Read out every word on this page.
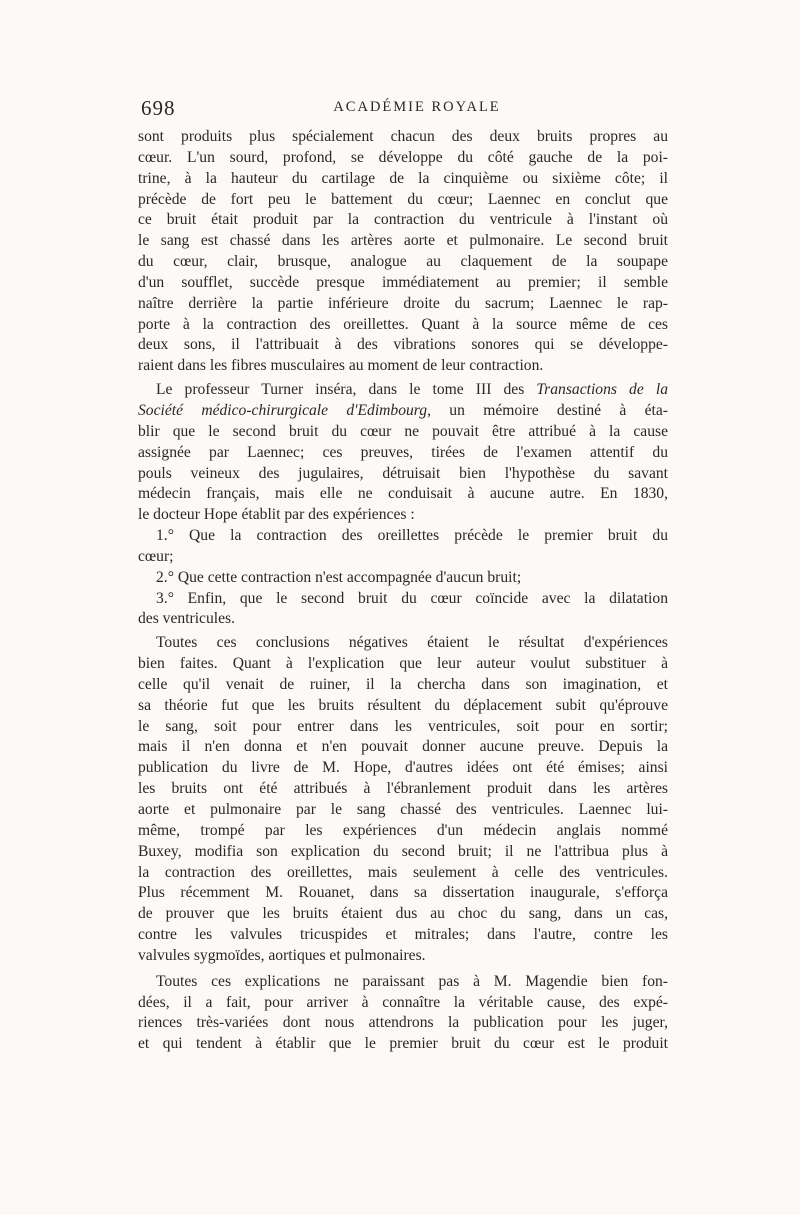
698	ACADÉMIE ROYALE
sont produits plus spécialement chacun des deux bruits propres au
cœur. L'un sourd, profond, se développe du côté gauche de la poi-
trine, à la hauteur du cartilage de la cinquième ou sixième côte; il
précède de fort peu le battement du cœur; Laennec en conclut que
ce bruit était produit par la contraction du ventricule à l'instant où
le sang est chassé dans les artères aorte et pulmonaire. Le second bruit
du cœur, clair, brusque, analogue au claquement de la soupape
d'un soufflet, succède presque immédiatement au premier; il semble
naître derrière la partie inférieure droite du sacrum; Laennec le rap-
porte à la contraction des oreillettes. Quant à la source même de ces
deux sons, il l'attribuait à des vibrations sonores qui se développe-
raient dans les fibres musculaires au moment de leur contraction.
Le professeur Turner inséra, dans le tome III des Transactions de la
Société médico-chirurgicale d'Edimbourg, un mémoire destiné à éta-
blir que le second bruit du cœur ne pouvait être attribué à la cause
assignée par Laennec; ces preuves, tirées de l'examen attentif du
pouls veineux des jugulaires, détruisait bien l'hypothèse du savant
médecin français, mais elle ne conduisait à aucune autre. En 1830,
le docteur Hope établit par des expériences :
1.° Que la contraction des oreillettes précède le premier bruit du
cœur;
2.° Que cette contraction n'est accompagnée d'aucun bruit;
3.° Enfin, que le second bruit du cœur coïncide avec la dilatation
des ventricules.
Toutes ces conclusions négatives étaient le résultat d'expériences
bien faites. Quant à l'explication que leur auteur voulut substituer à
celle qu'il venait de ruiner, il la chercha dans son imagination, et
sa théorie fut que les bruits résultent du déplacement subit qu'éprouve
le sang, soit pour entrer dans les ventricules, soit pour en sortir;
mais il n'en donna et n'en pouvait donner aucune preuve. Depuis la
publication du livre de M. Hope, d'autres idées ont été émises; ainsi
les bruits ont été attribués à l'ébranlement produit dans les artères
aorte et pulmonaire par le sang chassé des ventricules. Laennec lui-
même, trompé par les expériences d'un médecin anglais nommé
Buxey, modifia son explication du second bruit; il ne l'attribua plus à
la contraction des oreillettes, mais seulement à celle des ventricules.
Plus récemment M. Rouanet, dans sa dissertation inaugurale, s'efforça
de prouver que les bruits étaient dus au choc du sang, dans un cas,
contre les valvules tricuspides et mitrales; dans l'autre, contre les
valvules sygmoïdes, aortiques et pulmonaires.
Toutes ces explications ne paraissant pas à M. Magendie bien fon-
dées, il a fait, pour arriver à connaître la véritable cause, des expé-
riences très-variées dont nous attendrons la publication pour les juger,
et qui tendent à établir que le premier bruit du cœur est le produit
